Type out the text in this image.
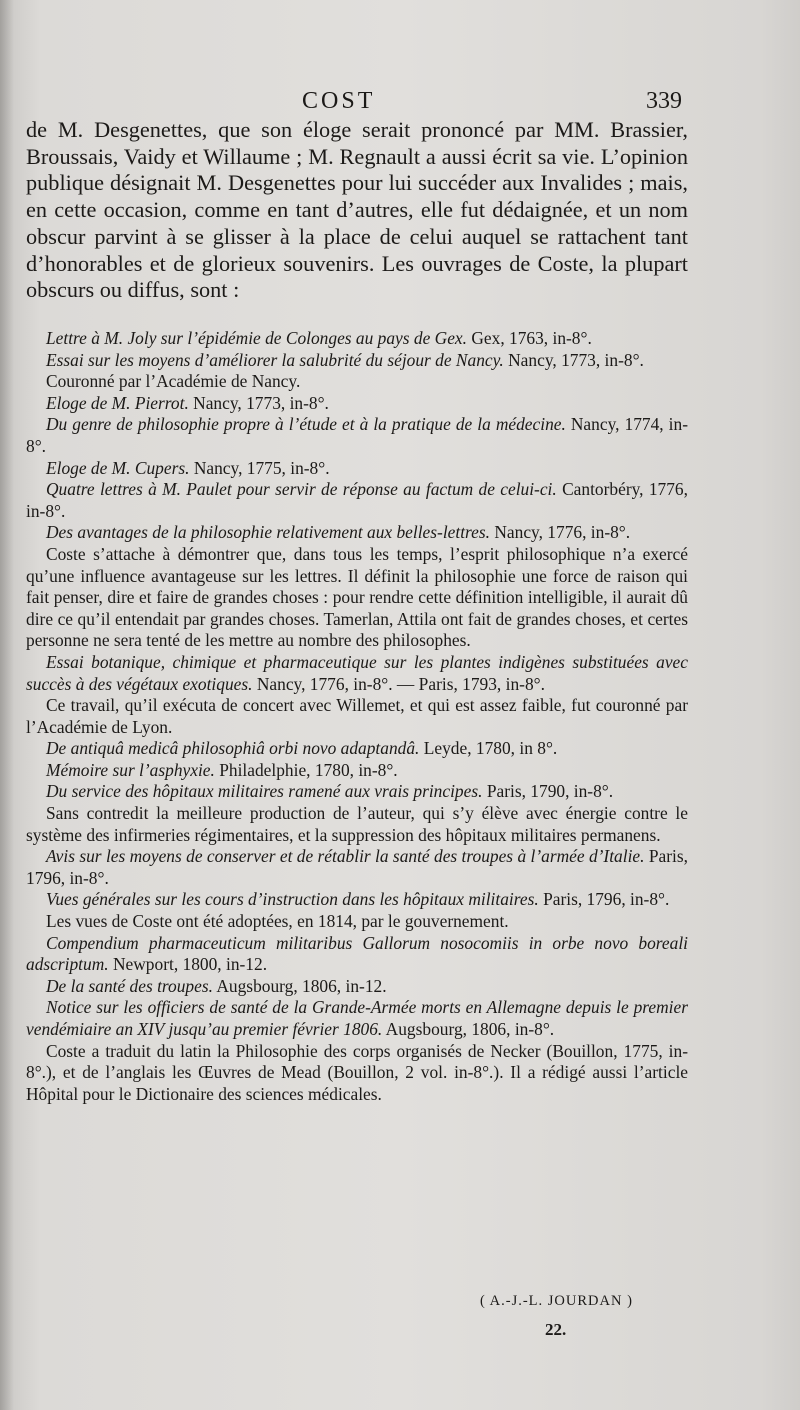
COST	339

de M. Desgenettes, que son éloge serait prononcé par MM. Brassier, Broussais, Vaidy et Willaume ; M. Regnault a aussi écrit sa vie. L’opinion publique désignait M. Desgenettes pour lui succéder aux Invalides ; mais, en cette occasion, comme en tant d’autres, elle fut dédaignée, et un nom obscur parvint à se glisser à la place de celui auquel se rattachent tant d’honorables et de glorieux souvenirs. Les ouvrages de Coste, la plupart obscurs ou diffus, sont :

Lettre à M. Joly sur l’épidémie de Colonges au pays de Gex. Gex, 1763, in-8°.

Essai sur les moyens d’améliorer la salubrité du séjour de Nancy. Nancy, 1773, in-8°.

Couronné par l’Académie de Nancy.

Eloge de M. Pierrot. Nancy, 1773, in-8°.

Du genre de philosophie propre à l’étude et à la pratique de la médecine. Nancy, 1774, in-8°.

Eloge de M. Cupers. Nancy, 1775, in-8°.

Quatre lettres à M. Paulet pour servir de réponse au factum de celui-ci. Cantorbéry, 1776, in-8°.

Des avantages de la philosophie relativement aux belles-lettres. Nancy, 1776, in-8°.

Coste s’attache à démontrer que, dans tous les temps, l’esprit philosophique n’a exercé qu’une influence avantageuse sur les lettres. Il définit la philosophie une force de raison qui fait penser, dire et faire de grandes choses : pour rendre cette définition intelligible, il aurait dû dire ce qu’il entendait par grandes choses. Tamerlan, Attila ont fait de grandes choses, et certes personne ne sera tenté de les mettre au nombre des philosophes.

Essai botanique, chimique et pharmaceutique sur les plantes indigènes substituées avec succès à des végétaux exotiques. Nancy, 1776, in-8°. — Paris, 1793, in-8°.

Ce travail, qu’il exécuta de concert avec Willemet, et qui est assez faible, fut couronné par l’Académie de Lyon.

De antiquâ medicâ philosophiâ orbi novo adaptandâ. Leyde, 1780, in 8°.

Mémoire sur l’asphyxie. Philadelphie, 1780, in-8°.

Du service des hôpitaux militaires ramené aux vrais principes. Paris, 1790, in-8°.

Sans contredit la meilleure production de l’auteur, qui s’y élève avec énergie contre le système des infirmeries régimentaires, et la suppression des hôpitaux militaires permanens.

Avis sur les moyens de conserver et de rétablir la santé des troupes à l’armée d’Italie. Paris, 1796, in-8°.

Vues générales sur les cours d’instruction dans les hôpitaux militaires. Paris, 1796, in-8°.

Les vues de Coste ont été adoptées, en 1814, par le gouvernement.

Compendium pharmaceuticum militaribus Gallorum nosocomiis in orbe novo boreali adscriptum. Newport, 1800, in-12.

De la santé des troupes. Augsbourg, 1806, in-12.

Notice sur les officiers de santé de la Grande-Armée morts en Allemagne depuis le premier vendémiaire an XIV jusqu’au premier février 1806. Augsbourg, 1806, in-8°.

Coste a traduit du latin la Philosophie des corps organisés de Necker (Bouillon, 1775, in-8°.), et de l’anglais les Œuvres de Mead (Bouillon, 2 vol. in-8°.). Il a rédigé aussi l’article Hôpital pour le Dictionaire des sciences médicales.

( A.-J.-L. JOURDAN )
22.
